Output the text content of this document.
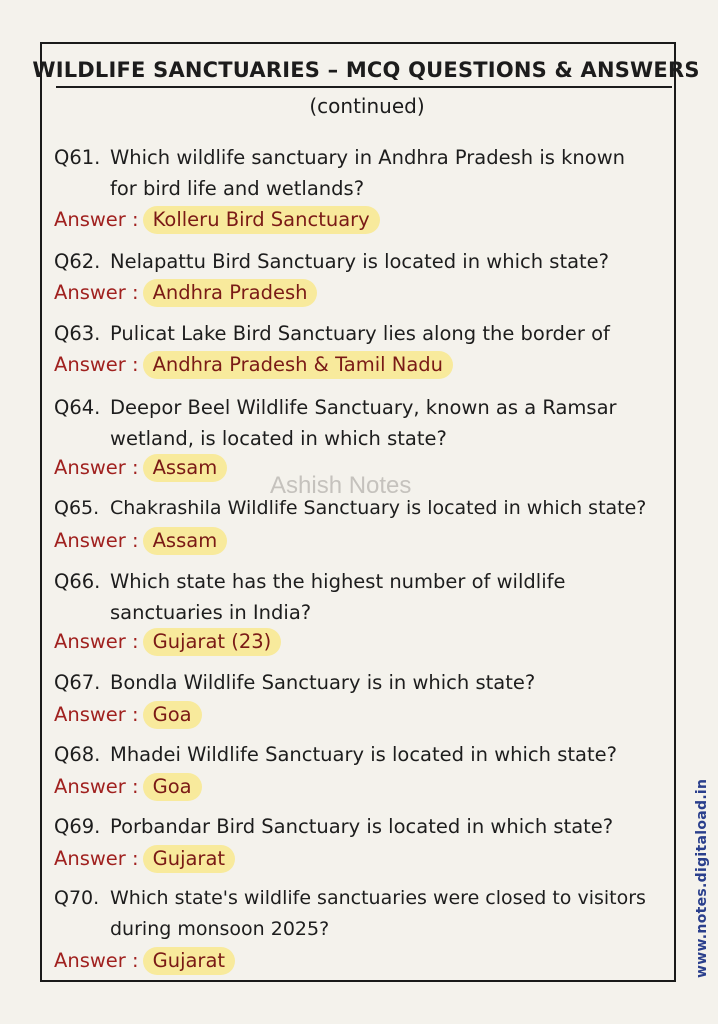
WILDLIFE SANCTUARIES – MCQ QUESTIONS & ANSWERS
(continued)
Ashish Notes
Q61. Which wildlife sanctuary in Andhra Pradesh is known
for bird life and wetlands?
Answer : Kolleru Bird Sanctuary
Q62. Nelapattu Bird Sanctuary is located in which state?
Answer : Andhra Pradesh
Q63. Pulicat Lake Bird Sanctuary lies along the border of
Answer : Andhra Pradesh & Tamil Nadu
Q64. Deepor Beel Wildlife Sanctuary, known as a Ramsar
wetland, is located in which state?
Answer : Assam
Q65. Chakrashila Wildlife Sanctuary is located in which state?
Answer : Assam
Q66. Which state has the highest number of wildlife
sanctuaries in India?
Answer : Gujarat (23)
Q67. Bondla Wildlife Sanctuary is in which state?
Answer : Goa
Q68. Mhadei Wildlife Sanctuary is located in which state?
Answer : Goa
Q69. Porbandar Bird Sanctuary is located in which state?
Answer : Gujarat
Q70. Which state's wildlife sanctuaries were closed to visitors
during monsoon 2025?
Answer : Gujarat	www.notes.digitaload.in
